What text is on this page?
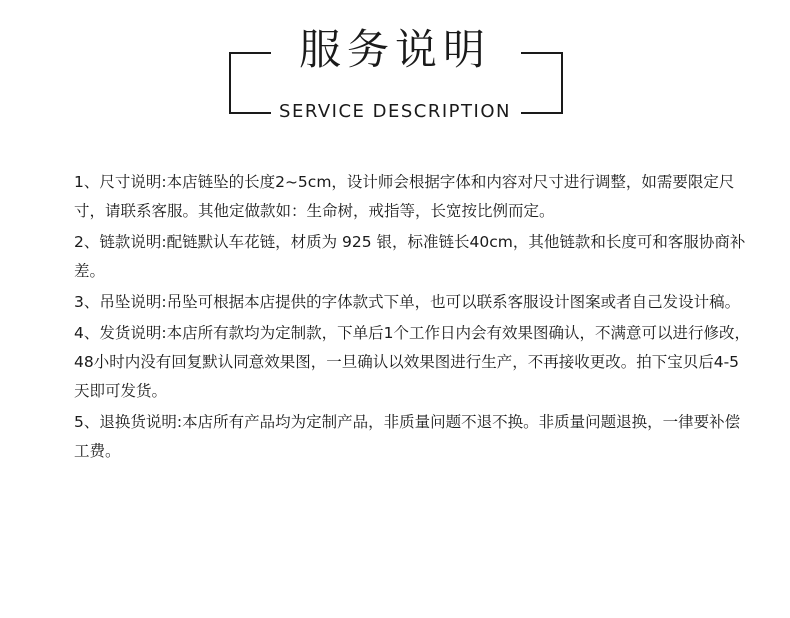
服务说明
SERVICE DESCRIPTION

1、尺寸说明:本店链坠的长度2~5cm，设计师会根据字体和内容对尺寸进行调整，如需要限定尺寸，请联系客服。其他定做款如：生命树，戒指等，长宽按比例而定。

2、链款说明:配链默认车花链，材质为 925 银，标准链长40cm，其他链款和长度可和客服协商补差。

3、吊坠说明:吊坠可根据本店提供的字体款式下单，也可以联系客服设计图案或者自己发设计稿。

4、发货说明:本店所有款均为定制款，下单后1个工作日内会有效果图确认，不满意可以进行修改，48小时内没有回复默认同意效果图，一旦确认以效果图进行生产，不再接收更改。拍下宝贝后4-5天即可发货。

5、退换货说明:本店所有产品均为定制产品，非质量问题不退不换。非质量问题退换，一律要补偿工费。
